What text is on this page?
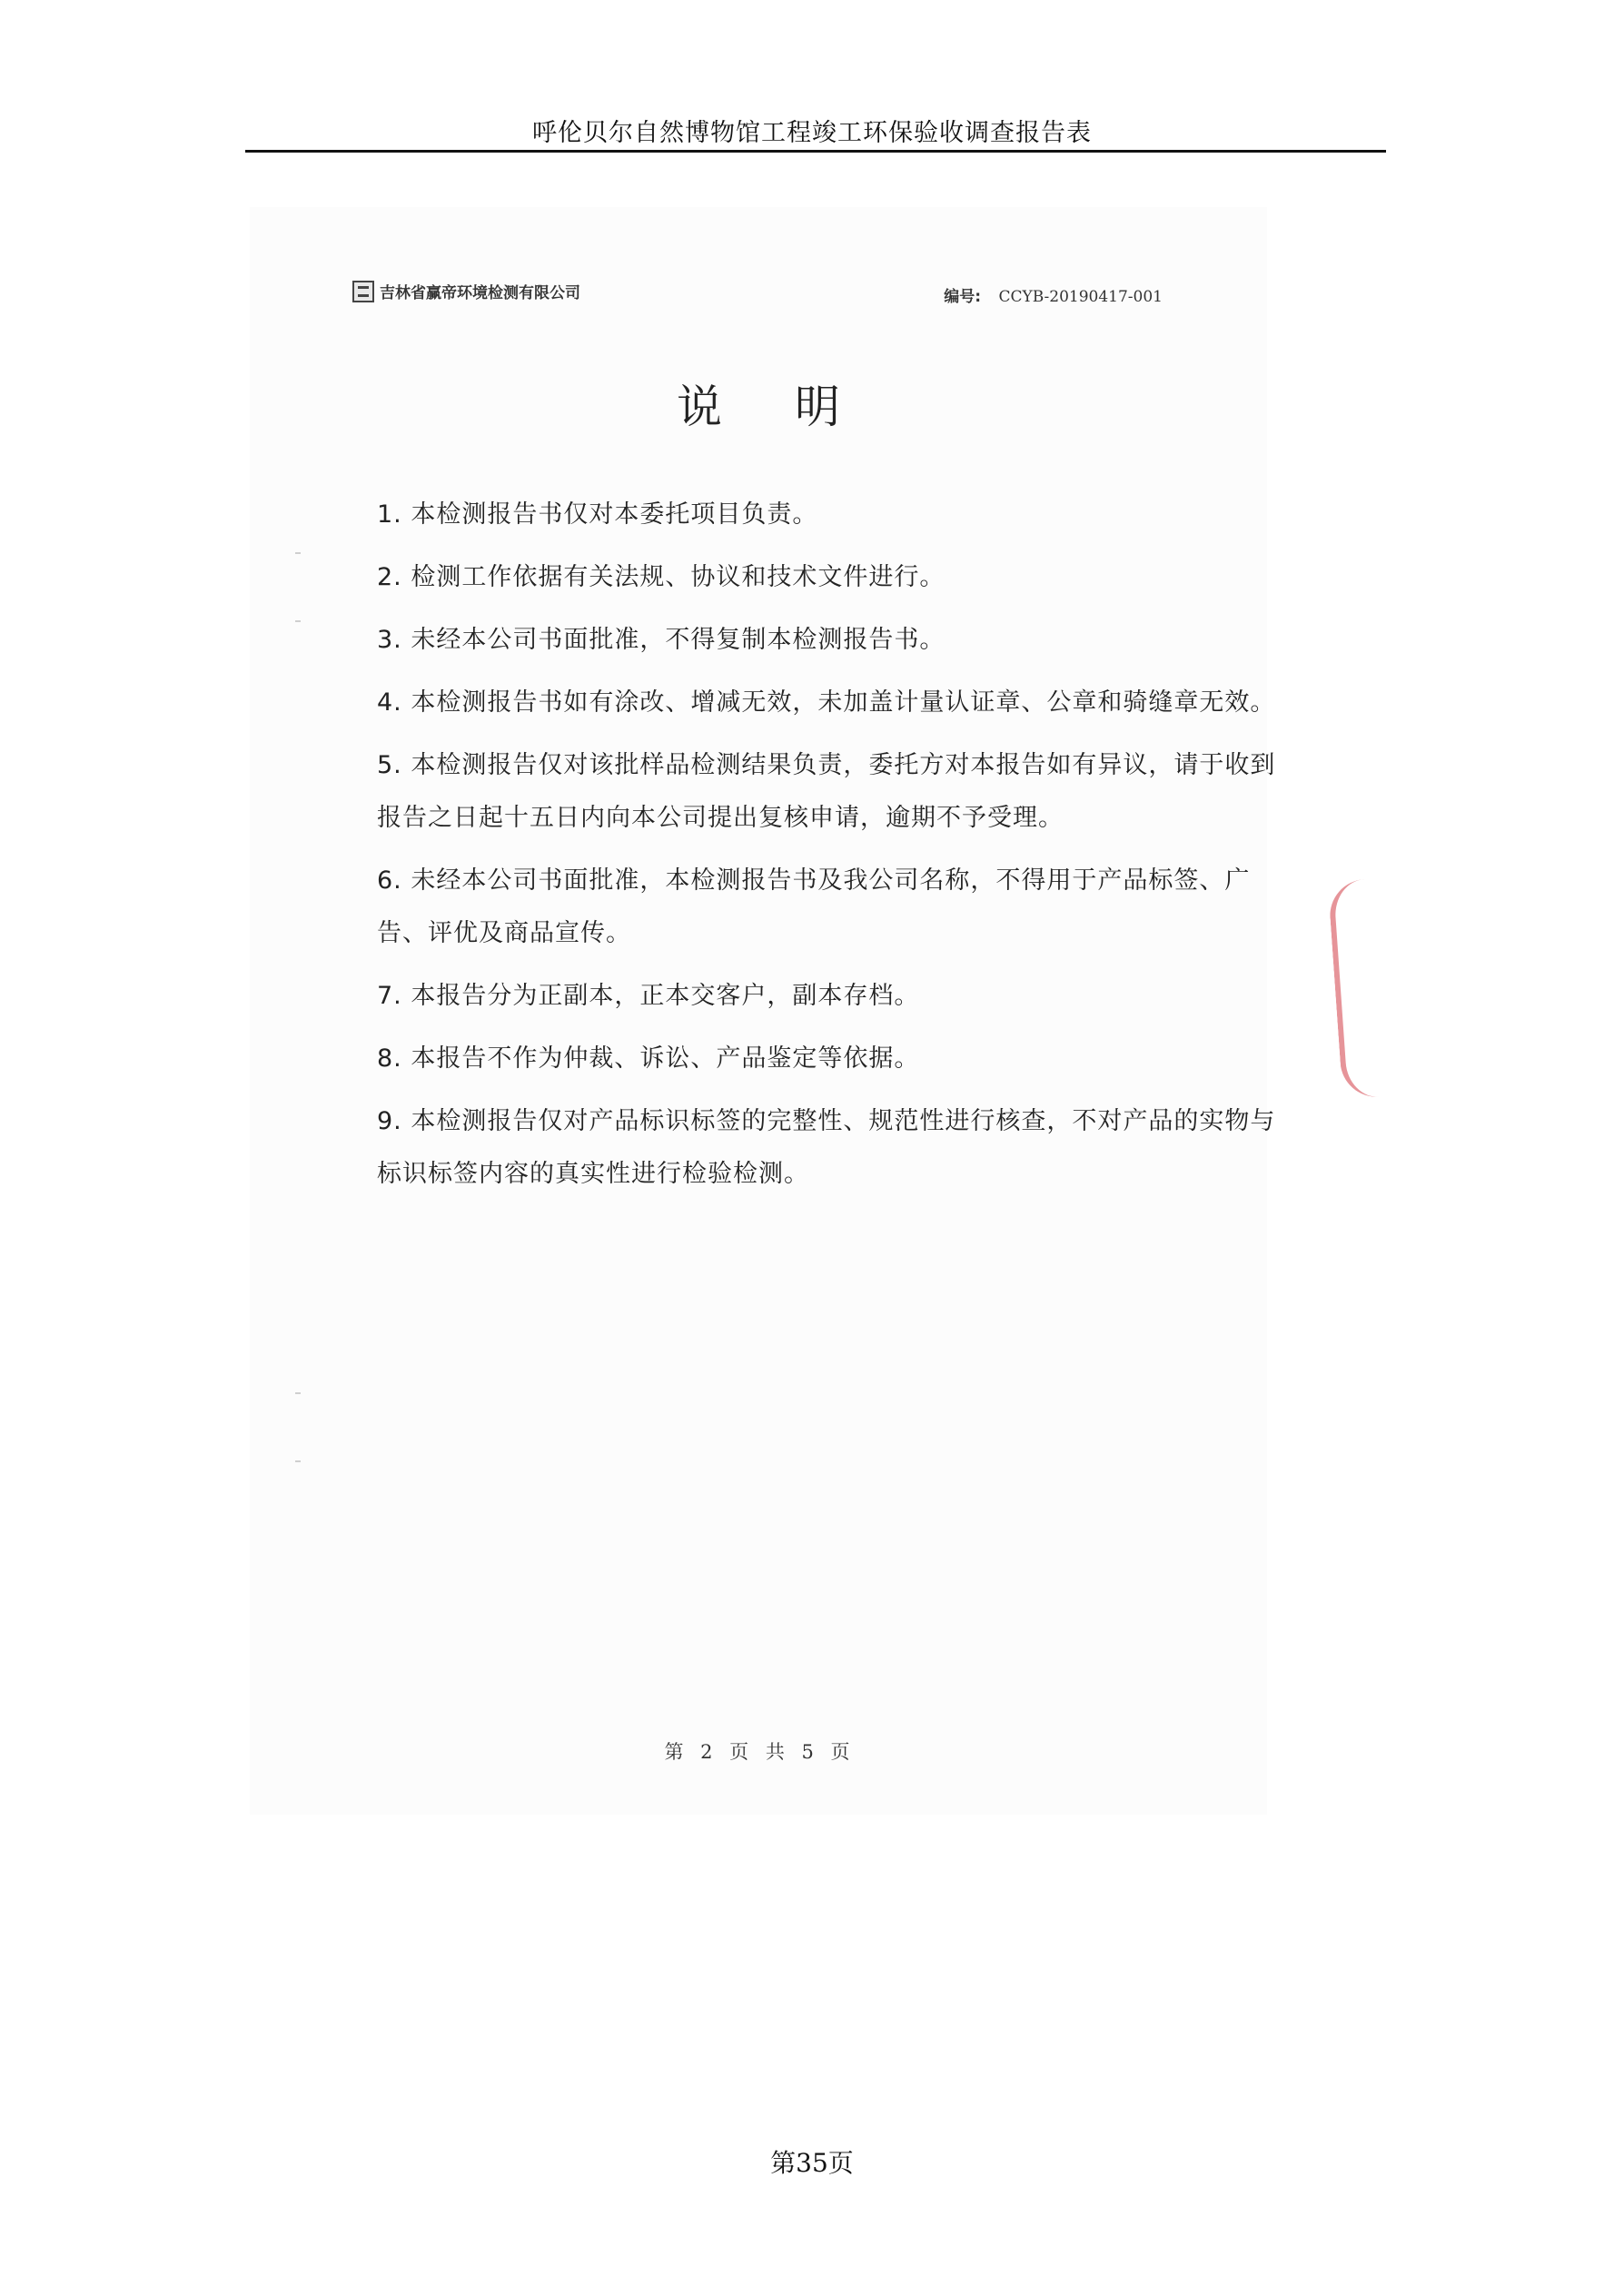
呼伦贝尔自然博物馆工程竣工环保验收调查报告表
吉林省赢帝环境检测有限公司	编号: CCYB-20190417-001
说明
1. 本检测报告书仅对本委托项目负责。
2. 检测工作依据有关法规、协议和技术文件进行。
3. 未经本公司书面批准，不得复制本检测报告书。
4. 本检测报告书如有涂改、增减无效，未加盖计量认证章、公章和骑缝章无效。
5. 本检测报告仅对该批样品检测结果负责，委托方对本报告如有异议，请于收到报告之日起十五日内向本公司提出复核申请，逾期不予受理。
6. 未经本公司书面批准，本检测报告书及我公司名称，不得用于产品标签、广告、评优及商品宣传。
7. 本报告分为正副本，正本交客户，副本存档。
8. 本报告不作为仲裁、诉讼、产品鉴定等依据。
9. 本检测报告仅对产品标识标签的完整性、规范性进行核查，不对产品的实物与标识标签内容的真实性进行检验检测。
第 2 页 共 5 页
第35页
